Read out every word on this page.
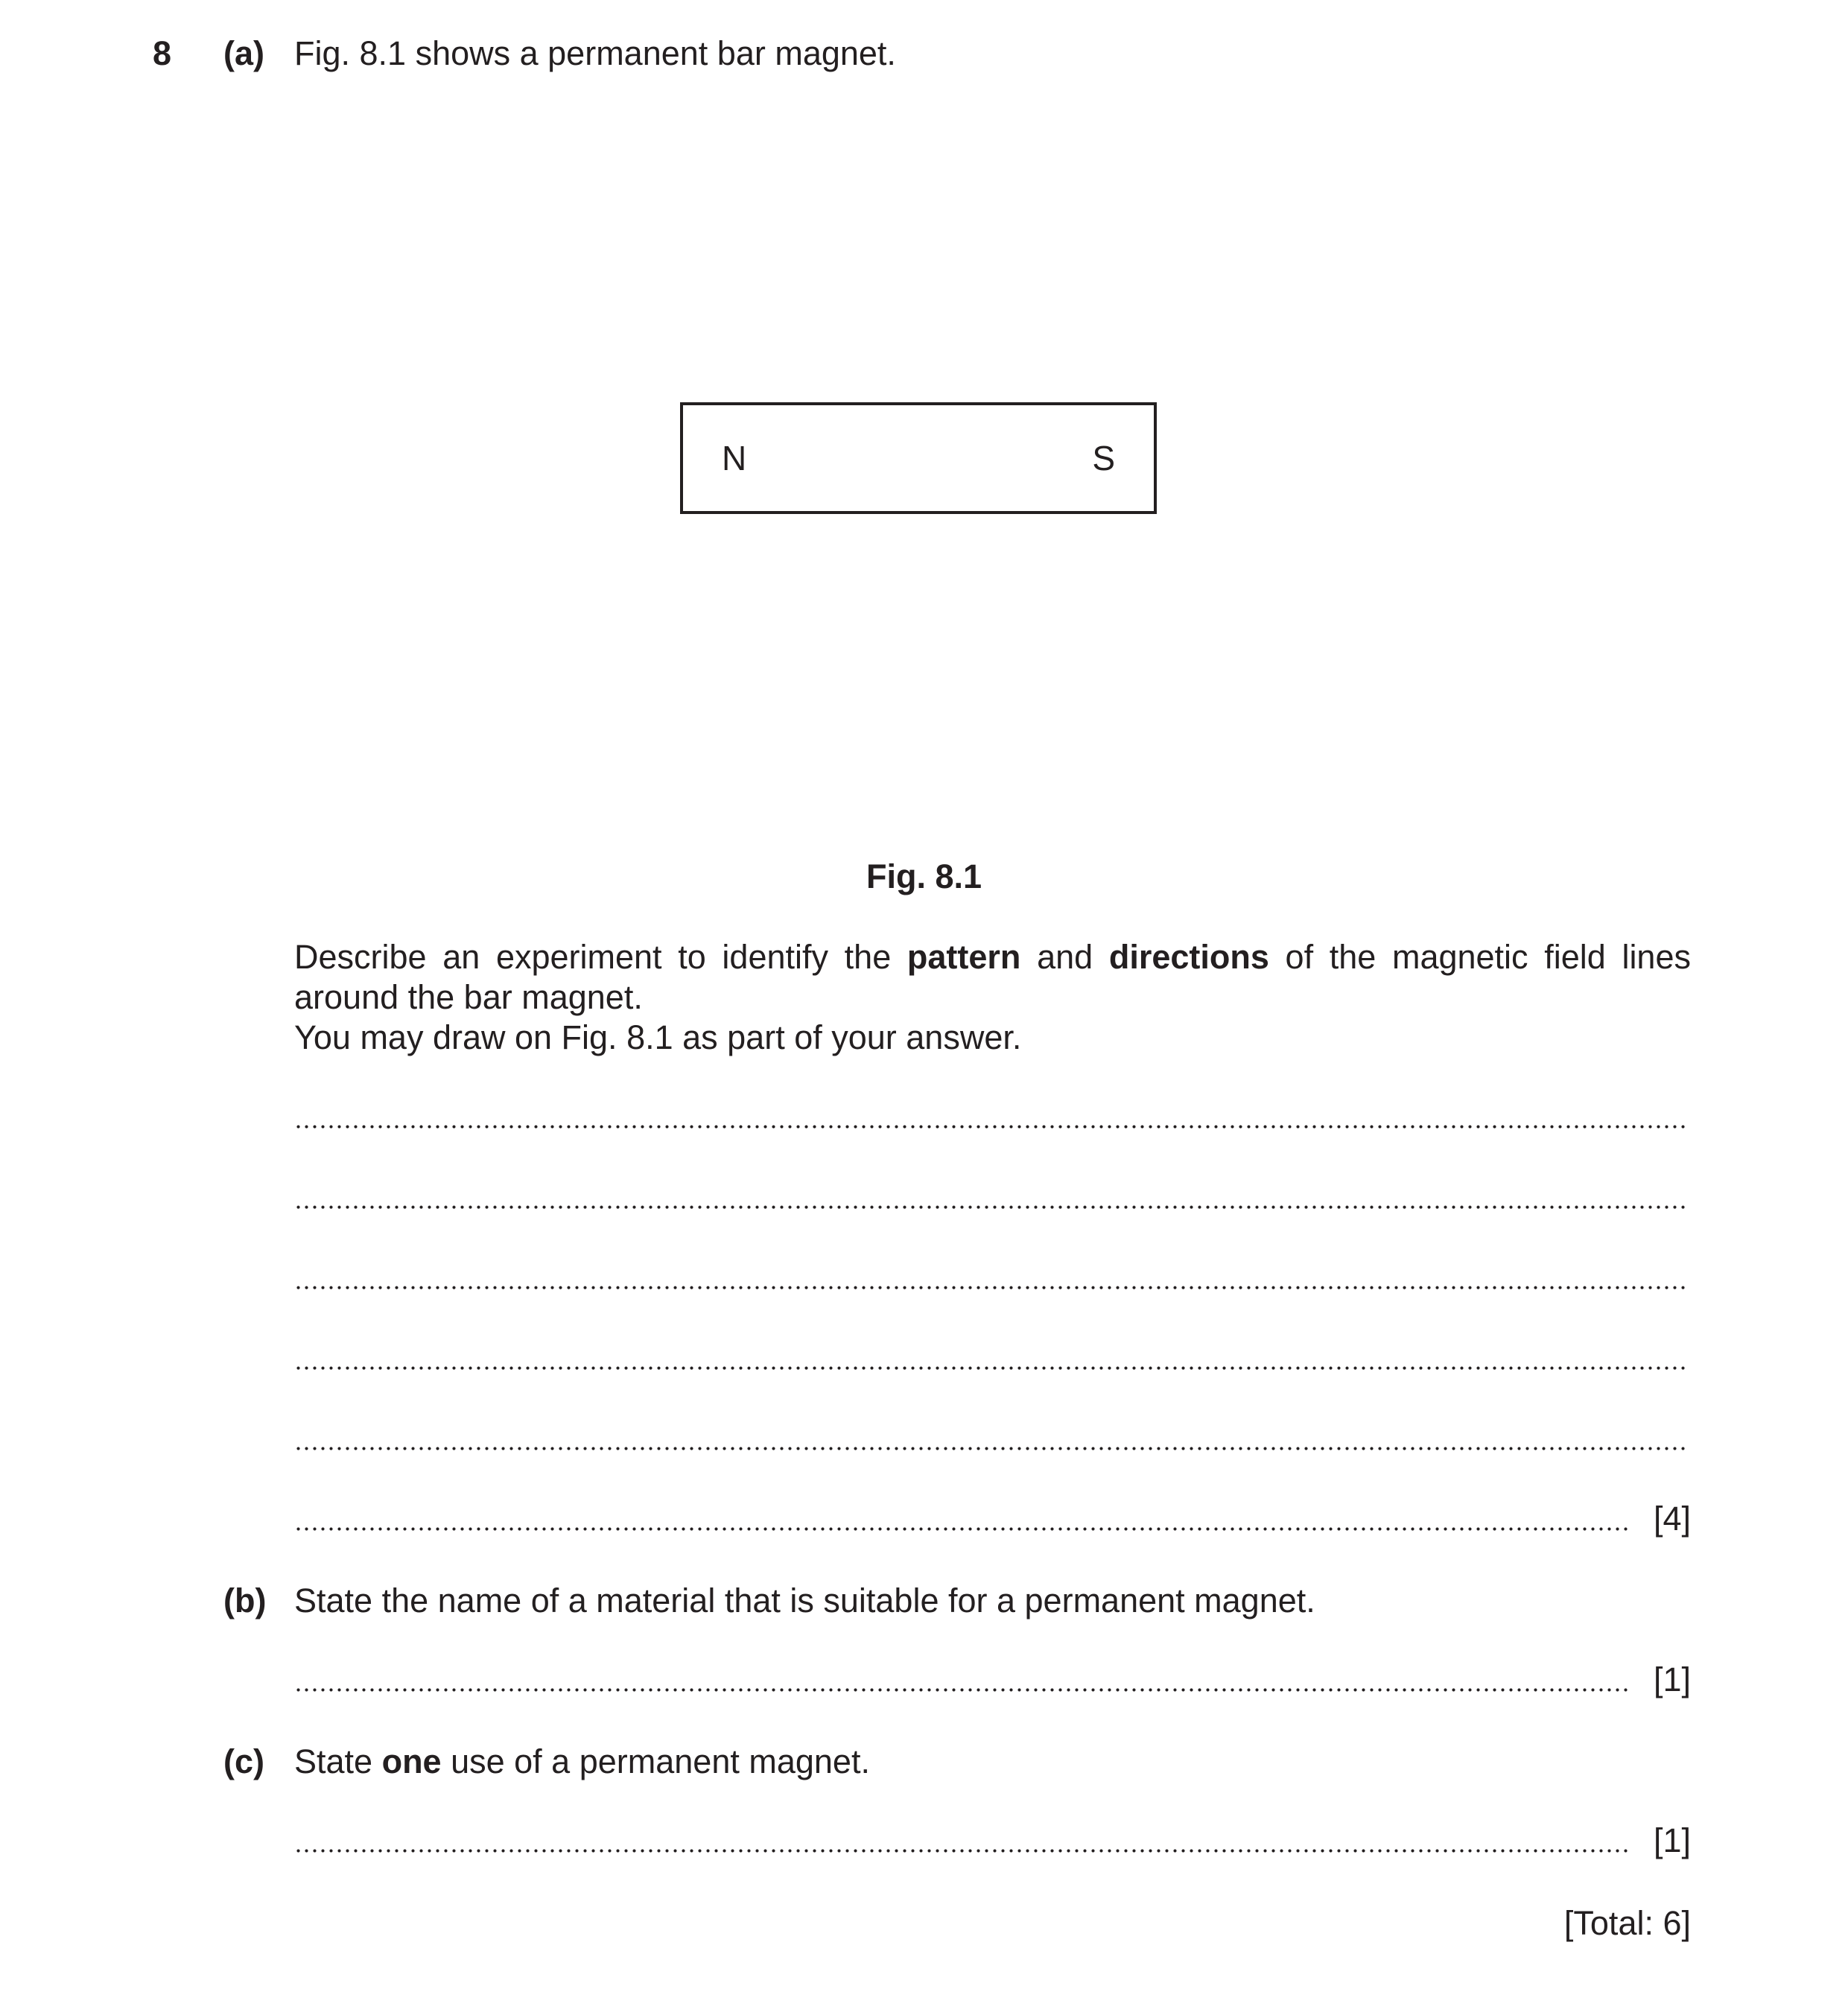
8 (a) Fig. 8.1 shows a permanent bar magnet.
N	S
Fig. 8.1
Describe an experiment to identify the pattern and directions of the magnetic field lines
around the bar magnet.
You may draw on Fig. 8.1 as part of your answer.
[4]
(b) State the name of a material that is suitable for a permanent magnet.
[1]
(c) State one use of a permanent magnet.
[1]
[Total: 6]
